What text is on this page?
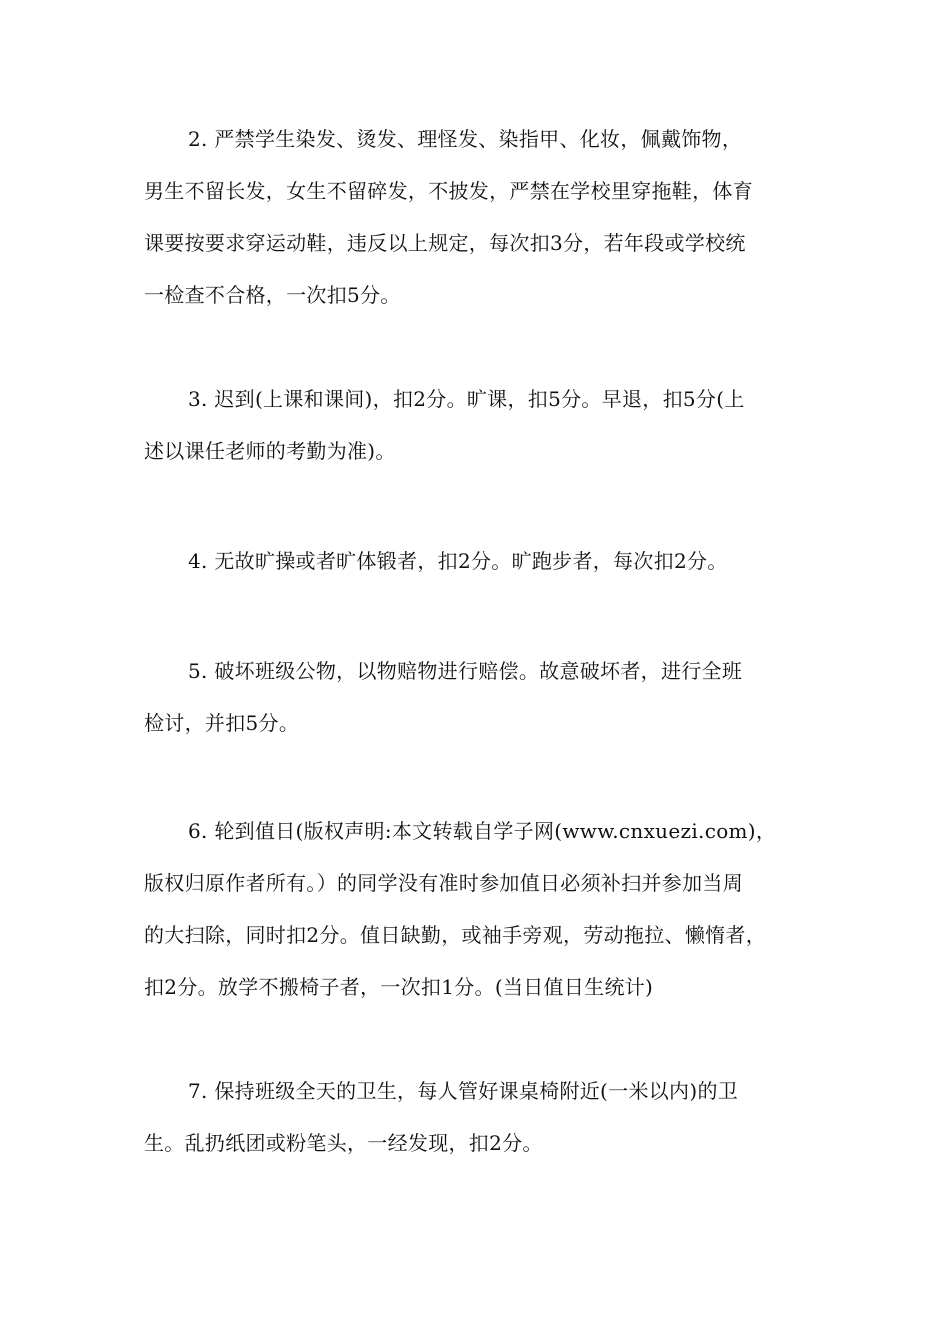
2. 严禁学生染发、烫发、理怪发、染指甲、化妆，佩戴饰物，
男生不留长发，女生不留碎发，不披发，严禁在学校里穿拖鞋，体育
课要按要求穿运动鞋，违反以上规定，每次扣3分，若年段或学校统
一检查不合格，一次扣5分。
3. 迟到(上课和课间)，扣2分。旷课，扣5分。早退，扣5分(上
述以课任老师的考勤为准)。
4. 无故旷操或者旷体锻者，扣2分。旷跑步者，每次扣2分。
5. 破坏班级公物，以物赔物进行赔偿。故意破坏者，进行全班
检讨，并扣5分。
6. 轮到值日(版权声明:本文转载自学子网(www.cnxuezi.com)，
版权归原作者所有。）的同学没有准时参加值日必须补扫并参加当周
的大扫除，同时扣2分。值日缺勤，或袖手旁观，劳动拖拉、懒惰者，
扣2分。放学不搬椅子者，一次扣1分。(当日值日生统计)
7. 保持班级全天的卫生，每人管好课桌椅附近(一米以内)的卫
生。乱扔纸团或粉笔头，一经发现，扣2分。
